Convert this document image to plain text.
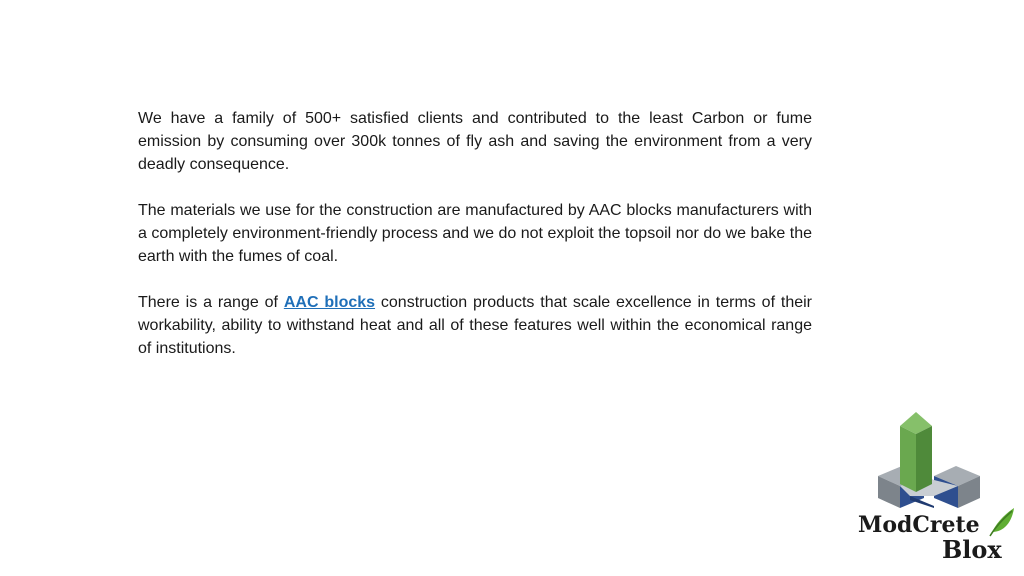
We have a family of 500+ satisfied clients and contributed to the least Carbon or fume emission by consuming over 300k tonnes of fly ash and saving the environment from a very deadly consequence.

The materials we use for the construction are manufactured by AAC blocks manufacturers with a completely environment-friendly process and we do not exploit the topsoil nor do we bake the earth with the fumes of coal.

There is a range of AAC blocks construction products that scale excellence in terms of their workability, ability to withstand heat and all of these features well within the economical range of institutions.

ModCrete
Blox
